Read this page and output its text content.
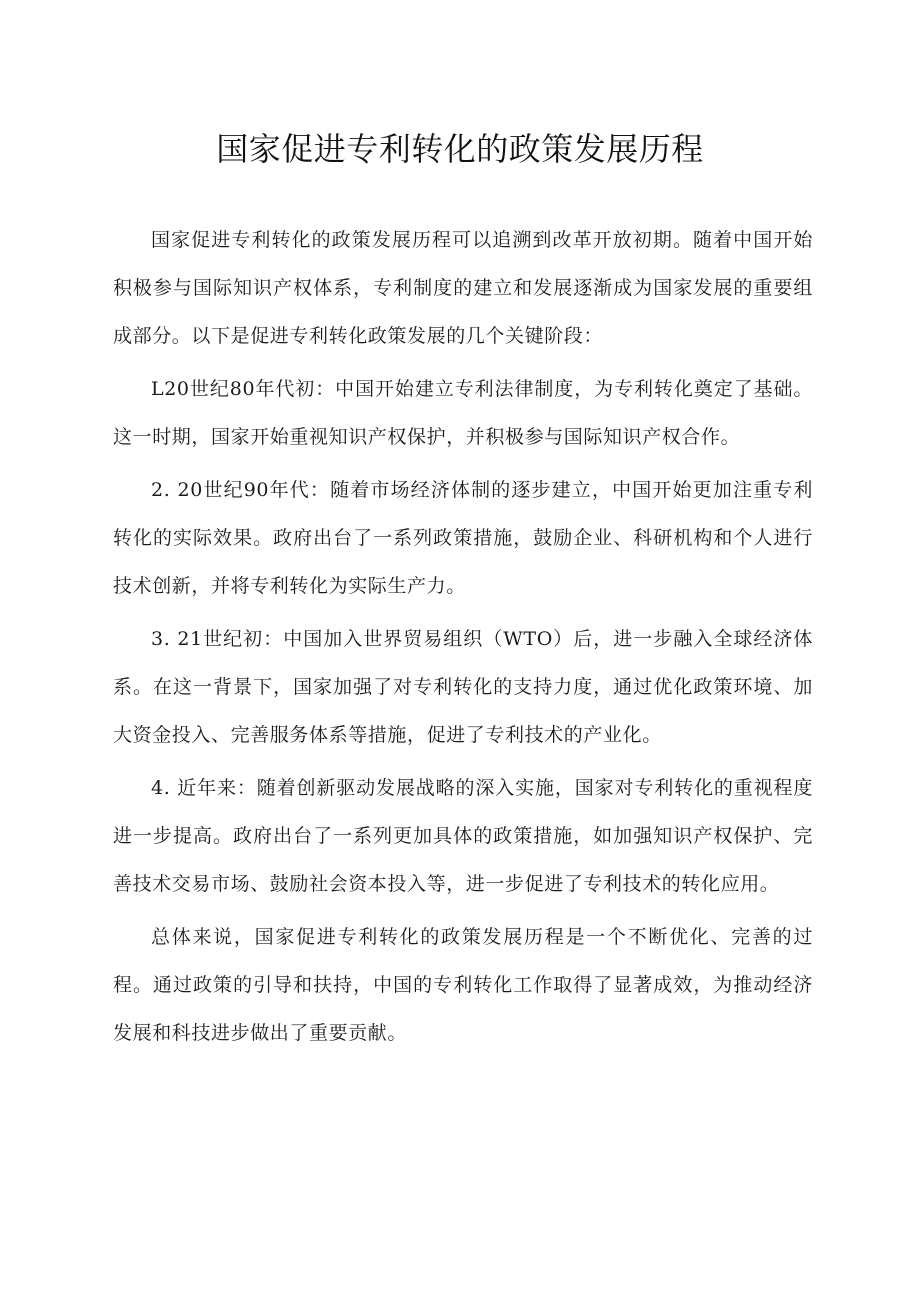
国家促进专利转化的政策发展历程

国家促进专利转化的政策发展历程可以追溯到改革开放初期。随着中国开始积极参与国际知识产权体系，专利制度的建立和发展逐渐成为国家发展的重要组成部分。以下是促进专利转化政策发展的几个关键阶段：

L20世纪80年代初：中国开始建立专利法律制度，为专利转化奠定了基础。这一时期，国家开始重视知识产权保护，并积极参与国际知识产权合作。

2. 20世纪90年代：随着市场经济体制的逐步建立，中国开始更加注重专利转化的实际效果。政府出台了一系列政策措施，鼓励企业、科研机构和个人进行技术创新，并将专利转化为实际生产力。

3. 21世纪初：中国加入世界贸易组织（WTO）后，进一步融入全球经济体系。在这一背景下，国家加强了对专利转化的支持力度，通过优化政策环境、加大资金投入、完善服务体系等措施，促进了专利技术的产业化。

4. 近年来：随着创新驱动发展战略的深入实施，国家对专利转化的重视程度进一步提高。政府出台了一系列更加具体的政策措施，如加强知识产权保护、完善技术交易市场、鼓励社会资本投入等，进一步促进了专利技术的转化应用。

总体来说，国家促进专利转化的政策发展历程是一个不断优化、完善的过程。通过政策的引导和扶持，中国的专利转化工作取得了显著成效，为推动经济发展和科技进步做出了重要贡献。
